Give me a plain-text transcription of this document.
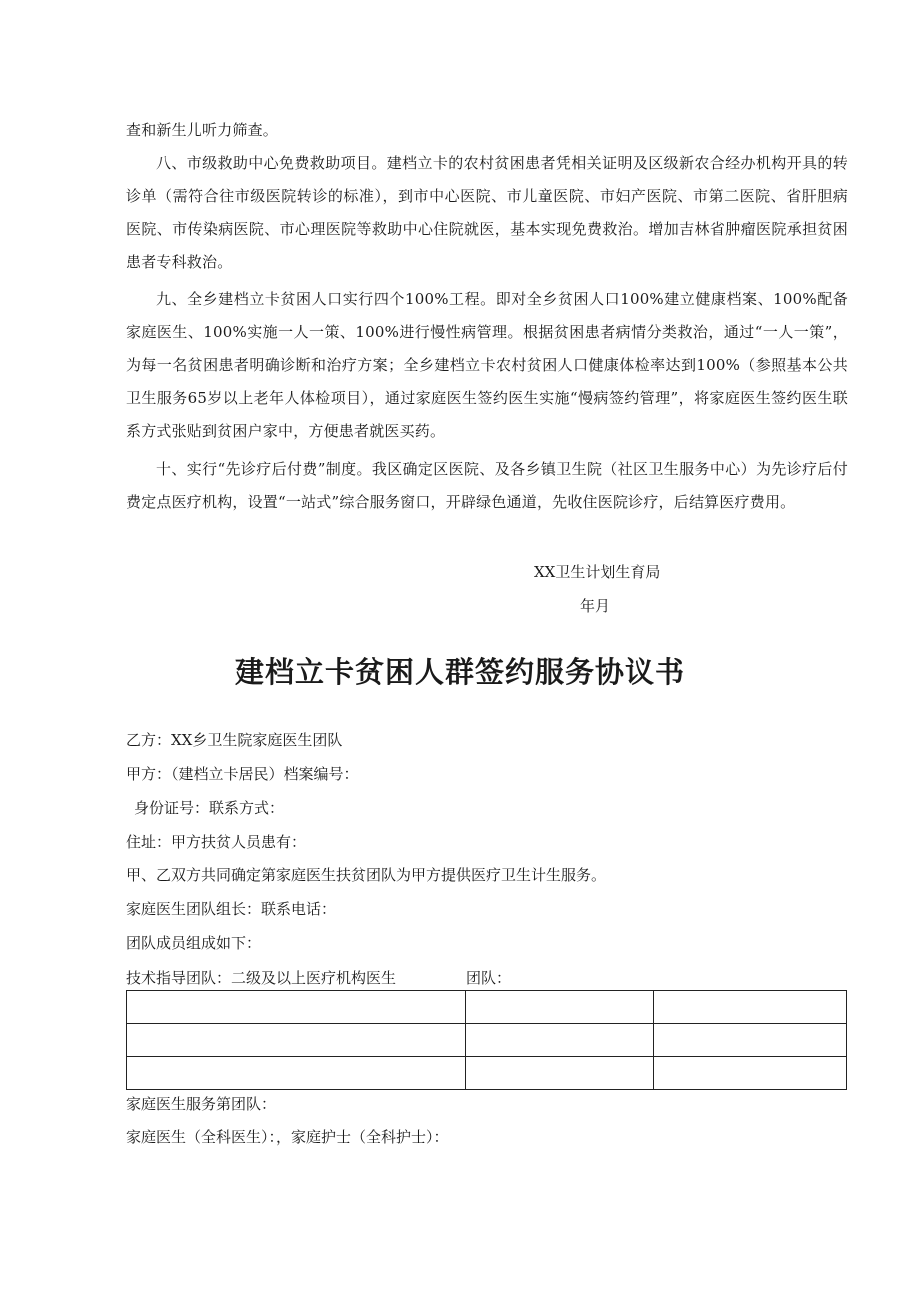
查和新生儿听力筛查。

八、市级救助中心免费救助项目。建档立卡的农村贫困患者凭相关证明及区级新农合经办机构开具的转诊单（需符合往市级医院转诊的标准），到市中心医院、市儿童医院、市妇产医院、市第二医院、省肝胆病医院、市传染病医院、市心理医院等救助中心住院就医，基本实现免费救治。增加吉林省肿瘤医院承担贫困患者专科救治。

九、全乡建档立卡贫困人口实行四个100%工程。即对全乡贫困人口100%建立健康档案、100%配备家庭医生、100%实施一人一策、100%进行慢性病管理。根据贫困患者病情分类救治，通过“一人一策”，为每一名贫困患者明确诊断和治疗方案；全乡建档立卡农村贫困人口健康体检率达到100%（参照基本公共卫生服务65岁以上老年人体检项目），通过家庭医生签约医生实施“慢病签约管理”，将家庭医生签约医生联系方式张贴到贫困户家中，方便患者就医买药。

十、实行“先诊疗后付费”制度。我区确定区医院、及各乡镇卫生院（社区卫生服务中心）为先诊疗后付费定点医疗机构，设置“一站式”综合服务窗口，开辟绿色通道，先收住医院诊疗，后结算医疗费用。

XX卫生计划生育局
年月
建档立卡贫困人群签约服务协议书
乙方：XX乡卫生院家庭医生团队
甲方：（建档立卡居民）档案编号：
身份证号：联系方式：
住址：甲方扶贫人员患有：
甲、乙双方共同确定第家庭医生扶贫团队为甲方提供医疗卫生计生服务。
家庭医生团队组长：联系电话：
团队成员组成如下：
技术指导团队：二级及以上医疗机构医生	团队：

家庭医生服务第团队：
家庭医生（全科医生）：，家庭护士（全科护士）：
